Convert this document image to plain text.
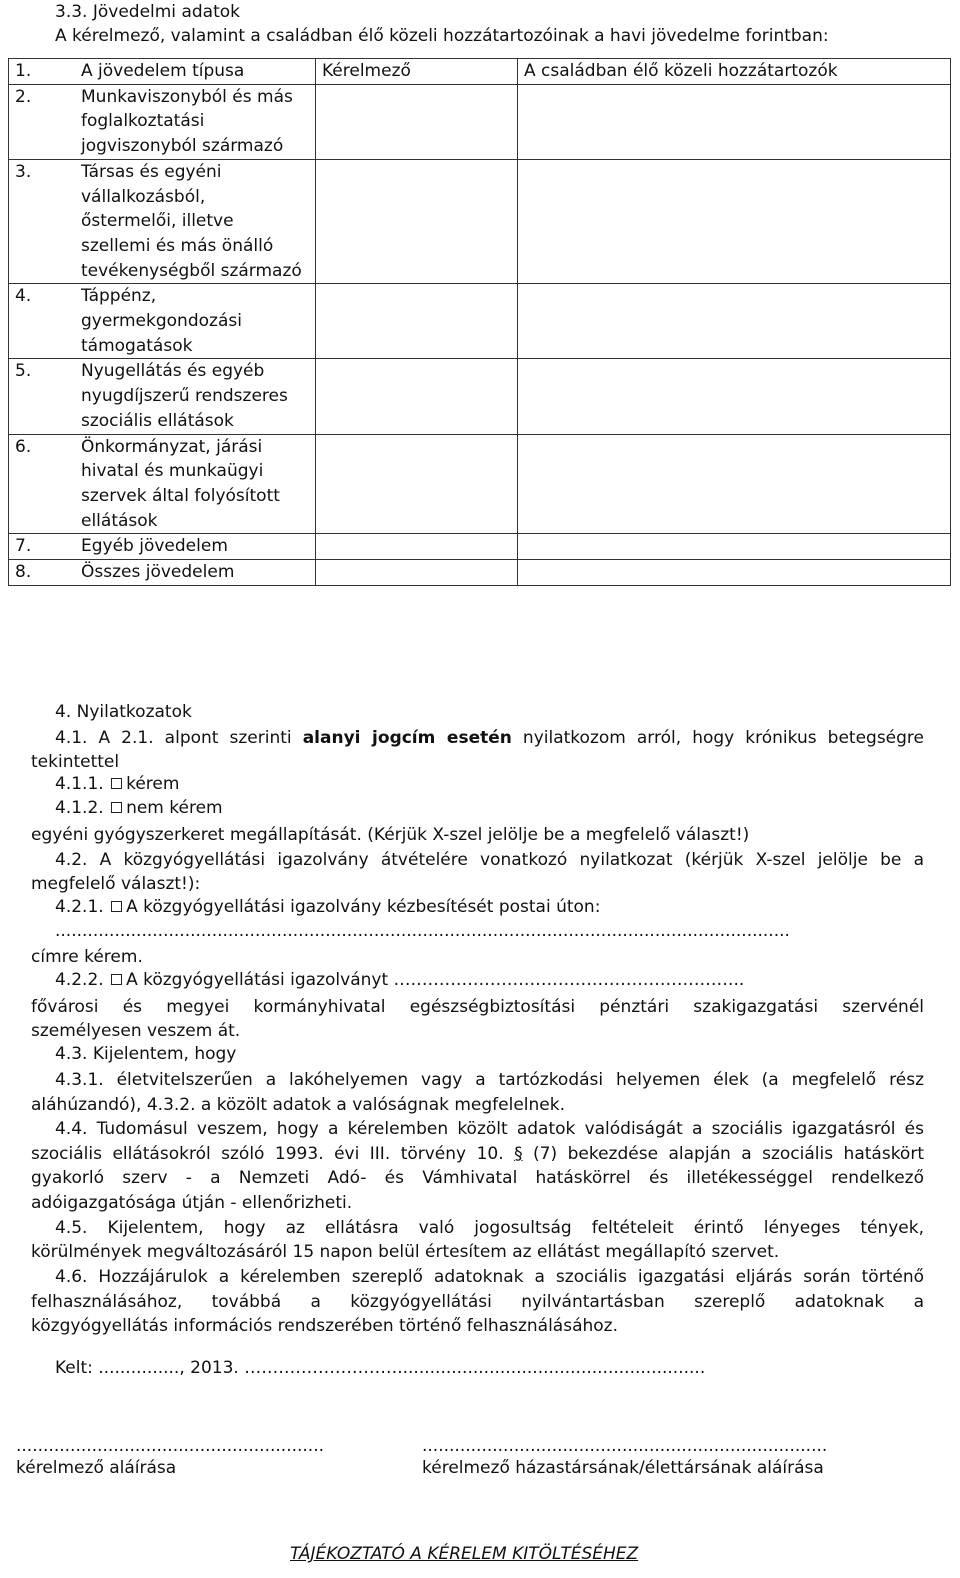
3.3. Jövedelmi adatok
A kérelmező, valamint a családban élő közeli hozzátartozóinak a havi jövedelme forintban:
1. A jövedelem típusa	Kérelmező	A családban élő közeli hozzátartozók
2. Munkaviszonyból és más foglalkoztatási jogviszonyból származó		
3. Társas és egyéni vállalkozásból, őstermelői, illetve szellemi és más önálló tevékenységből származó		
4. Táppénz, gyermekgondozási támogatások		
5. Nyugellátás és egyéb nyugdíjszerű rendszeres szociális ellátások		
6. Önkormányzat, járási hivatal és munkaügyi szervek által folyósított ellátások		
7. Egyéb jövedelem		
8. Összes jövedelem		
4. Nyilatkozatok
4.1. A 2.1. alpont szerinti alanyi jogcím esetén nyilatkozom arról, hogy krónikus betegségre
tekintettel
4.1.1. kérem
4.1.2. nem kérem
egyéni gyógyszerkeret megállapítását. (Kérjük X-szel jelölje be a megfelelő választ!)
4.2. A közgyógyellátási igazolvány átvételére vonatkozó nyilatkozat (kérjük X-szel jelölje be a
megfelelő választ!):
4.2.1. A közgyógyellátási igazolvány kézbesítését postai úton:
........................................................................................................................................
címre kérem.
4.2.2. A közgyógyellátási igazolványt ……………………………………………………..
fővárosi és megyei kormányhivatal egészségbiztosítási pénztári szakigazgatási szervénél
személyesen veszem át.
4.3. Kijelentem, hogy
4.3.1. életvitelszerűen a lakóhelyemen vagy a tartózkodási helyemen élek (a megfelelő rész
aláhúzandó), 4.3.2. a közölt adatok a valóságnak megfelelnek.
4.4. Tudomásul veszem, hogy a kérelemben közölt adatok valódiságát a szociális igazgatásról és
szociális ellátásokról szóló 1993. évi III. törvény 10. § (7) bekezdése alapján a szociális hatáskört
gyakorló szerv - a Nemzeti Adó- és Vámhivatal hatáskörrel és illetékességgel rendelkező
adóigazgatósága útján - ellenőrizheti.
4.5. Kijelentem, hogy az ellátásra való jogosultság feltételeit érintő lényeges tények,
körülmények megváltozásáról 15 napon belül értesítem az ellátást megállapító szervet.
4.6. Hozzájárulok a kérelemben szereplő adatoknak a szociális igazgatási eljárás során történő
felhasználásához, továbbá a közgyógyellátási nyilvántartásban szereplő adatoknak a
közgyógyellátás információs rendszerében történő felhasználásához.
Kelt: ..............., 2013. ……………………….........................................................
.........................................................
kérelmező aláírása
...........................................................................
kérelmező házastársának/élettársának aláírása
TÁJÉKOZTATÓ A KÉRELEM KITÖLTÉSÉHEZ
